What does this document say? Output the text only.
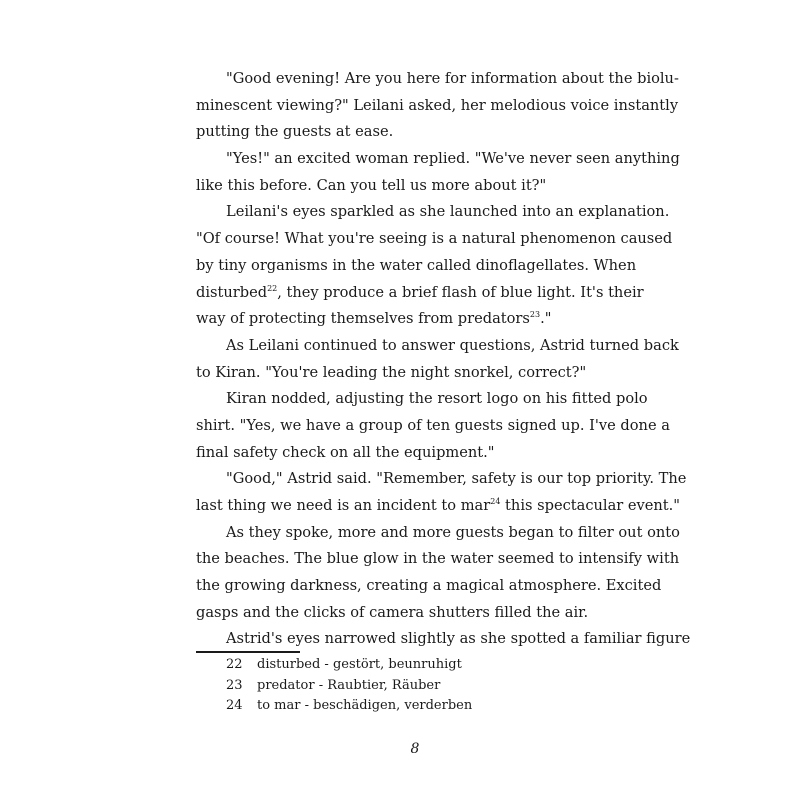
"Good evening! Are you here for information about the biolu-
minescent viewing?" Leilani asked, her melodious voice instantly
putting the guests at ease.
"Yes!" an excited woman replied. "We've never seen anything
like this before. Can you tell us more about it?"
Leilani's eyes sparkled as she launched into an explanation.
"Of course! What you're seeing is a natural phenomenon caused
by tiny organisms in the water called dinoflagellates. When
disturbed$^{22}$, they produce a brief flash of blue light. It's their
way of protecting themselves from predators$^{23}$."
As Leilani continued to answer questions, Astrid turned back
to Kiran. "You're leading the night snorkel, correct?"
Kiran nodded, adjusting the resort logo on his fitted polo
shirt. "Yes, we have a group of ten guests signed up. I've done a
final safety check on all the equipment."
"Good," Astrid said. "Remember, safety is our top priority. The
last thing we need is an incident to mar$^{24}$ this spectacular event."
As they spoke, more and more guests began to filter out onto
the beaches. The blue glow in the water seemed to intensify with
the growing darkness, creating a magical atmosphere. Excited
gasps and the clicks of camera shutters filled the air.
Astrid's eyes narrowed slightly as she spotted a familiar figure
22	disturbed - gestört, beunruhigt
23	predator - Raubtier, Räuber
24	to mar - beschädigen, verderben
8
